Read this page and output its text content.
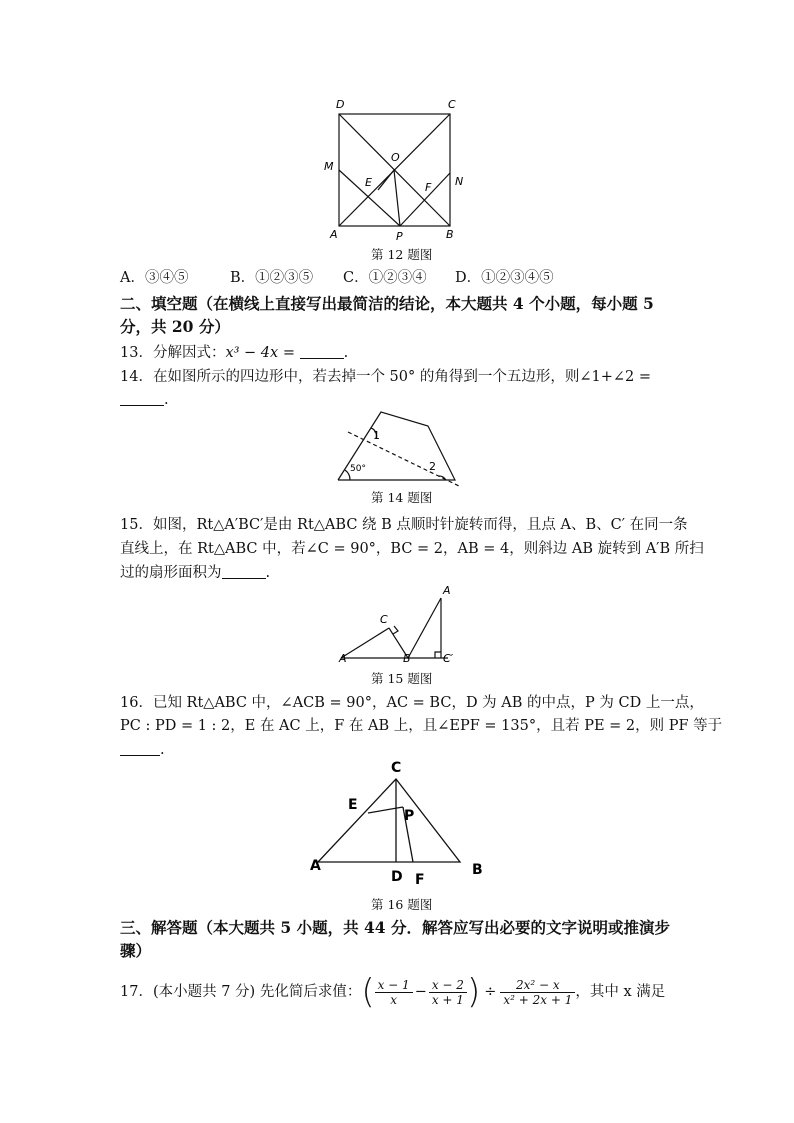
D	C
M
O
E	F N
A	P	B
第 12 题图
A．③④⑤	B．①②③⑤ C．①②③④ D．①②③④⑤
二、填空题（在横线上直接写出最简洁的结论，本大题共 4 个小题，每小题 5
分，共 20 分）
13．分解因式：x³ − 4x =	.
14．在如图所示的四边形中，若去掉一个 50° 的角得到一个五边形，则∠1+∠2 =
.
1
2
50°
第 14 题图
15．如图，Rt△A′BC′是由 Rt△ABC 绕 B 点顺时针旋转而得，且点 A、B、C′ 在同一条
直线上，在 Rt△ABC 中，若∠C = 90°，BC = 2，AB = 4，则斜边 AB 旋转到 A′B 所扫
过的扇形面积为	.
A
C
A	B	C′
第 15 题图
16．已知 Rt△ABC 中，∠ACB = 90°，AC = BC，D 为 AB 的中点，P 为 CD 上一点，
PC : PD = 1 : 2，E 在 AC 上，F 在 AB 上，且∠EPF = 135°，且若 PE = 2，则 PF 等于
.
C
E
P
A
D F
B
第 16 题图
三、解答题（本大题共 5 小题，共 44 分．解答应写出必要的文字说明或推演步
骤）
17．(本小题共 7 分) 先化简后求值： ( $\frac{x - 1}{x} - \frac{x - 2}{x + 1}$ ) ÷ $\frac{\text{2x² − x}}{\text{x² + 2x + 1}}$ ，其中 x 满足
